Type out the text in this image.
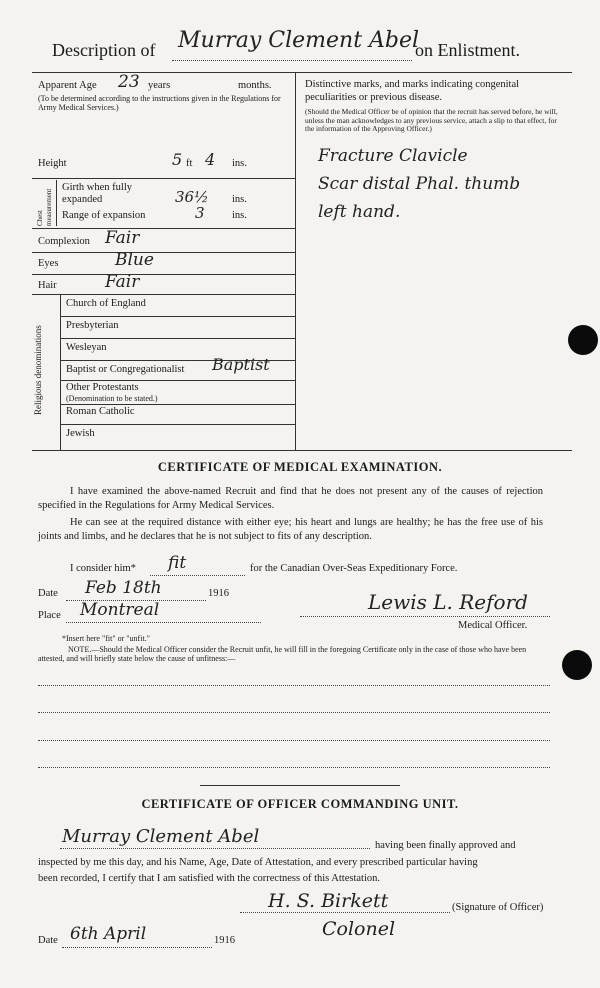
Description of Murray Clement Abel
on Enlistment.
Apparent Age 23 years	months.
(To be determined according to the instructions given in the Regulations for Army Medical Services.)
Height	5 ft 4 ins.
Chest measurement
Girth when fully expanded	36½ ins.
Range of expansion	3	ins.
Complexion Fair
Eyes	Blue
Hair	Fair
Religious denominations
Church of England
Presbyterian
Wesleyan
Baptist or Congregationalist Baptist
Other Protestants
(Denomination to be stated.)
Roman Catholic
Jewish
Distinctive marks, and marks indicating congenital peculiarities or previous disease.
(Should the Medical Officer be of opinion that the recruit has served before, he will, unless the man acknowledges to any previous service, attach a slip to that effect, for the information of the Approving Officer.)
Fracture Clavicle
Scar distal Phal. thumb
left hand.
CERTIFICATE OF MEDICAL EXAMINATION.
I have examined the above-named Recruit and find that he does not present any of the causes of rejection specified in the Regulations for Army Medical Services.
He can see at the required distance with either eye; his heart and lungs are healthy; he has the free use of his joints and limbs, and he declares that he is not subject to fits of any description.
I consider him* fit	for the Canadian Over-Seas Expeditionary Force.
Date Feb 18th	1916
Place Montreal	Lewis L. Reford
Medical Officer.
*Insert here "fit" or "unfit."
NOTE.—Should the Medical Officer consider the Recruit unfit, he will fill in the foregoing Certificate only in the case of those who have been attested, and will briefly state below the cause of unfitness:—
CERTIFICATE OF OFFICER COMMANDING UNIT.
Murray Clement Abel	having been finally approved and
inspected by me this day, and his Name, Age, Date of Attestation, and every prescribed particular having
been recorded, I certify that I am satisfied with the correctness of this Attestation.
H. S. Birkett	(Signature of Officer)
Colonel
Date 6th April	1916
